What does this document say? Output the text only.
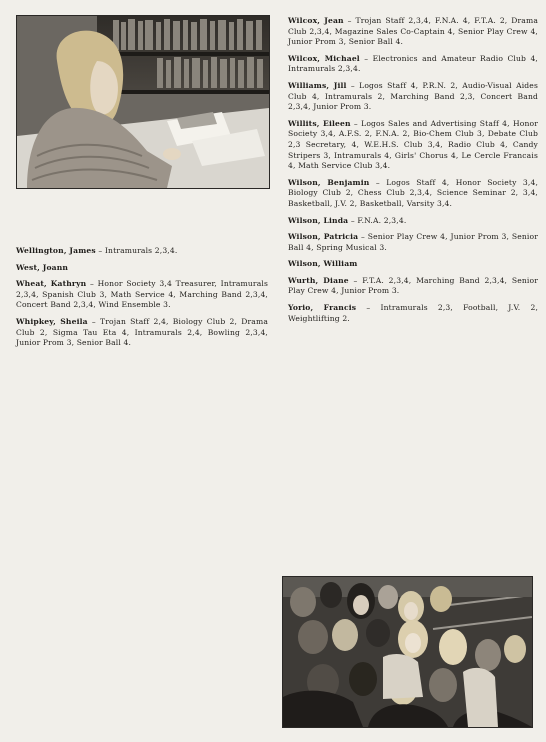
Wellington, James – Intramurals 2,3,4.
West, Joann
Wheat, Kathryn – Honor Society 3,4 Treasurer, Intramurals 2,3,4, Spanish Club 3, Math Service 4, Marching Band 2,3,4, Concert Band 2,3,4, Wind Ensemble 3.
Whipkey, Sheila – Trojan Staff 2,4, Biology Club 2, Drama Club 2, Sigma Tau Eta 4, Intramurals 2,4, Bowling 2,3,4, Junior Prom 3, Senior Ball 4.
Wilcox, Jean – Trojan Staff 2,3,4, F.N.A. 4, F.T.A. 2, Drama Club 2,3,4, Magazine Sales Co-Captain 4, Senior Play Crew 4, Junior Prom 3, Senior Ball 4.
Wilcox, Michael – Electronics and Amateur Radio Club 4, Intramurals 2,3,4.
Williams, Jill – Logos Staff 4, P.R.N. 2, Audio-Visual Aides Club 4, Intramurals 2, Marching Band 2,3, Concert Band 2,3,4, Junior Prom 3.
Willits, Eileen – Logos Sales and Advertising Staff 4, Honor Society 3,4, A.F.S. 2, F.N.A. 2, Bio-Chem Club 3, Debate Club 2,3 Secretary, 4, W.E.H.S. Club 3,4, Radio Club 4, Candy Stripers 3, Intramurals 4, Girls' Chorus 4, Le Cercle Francais 4, Math Service Club 3,4.
Wilson, Benjamin – Logos Staff 4, Honor Society 3,4, Biology Club 2, Chess Club 2,3,4, Science Seminar 2, 3,4, Basketball, J.V. 2, Basketball, Varsity 3,4.
Wilson, Linda – F.N.A. 2,3,4.
Wilson, Patricia – Senior Play Crew 4, Junior Prom 3, Senior Ball 4, Spring Musical 3.
Wilson, William
Wurth, Diane – F.T.A. 2,3,4, Marching Band 2,3,4, Senior Play Crew 4, Junior Prom 3.
Yorio, Francis – Intramurals 2,3, Football, J.V. 2, Weightlifting 2.
